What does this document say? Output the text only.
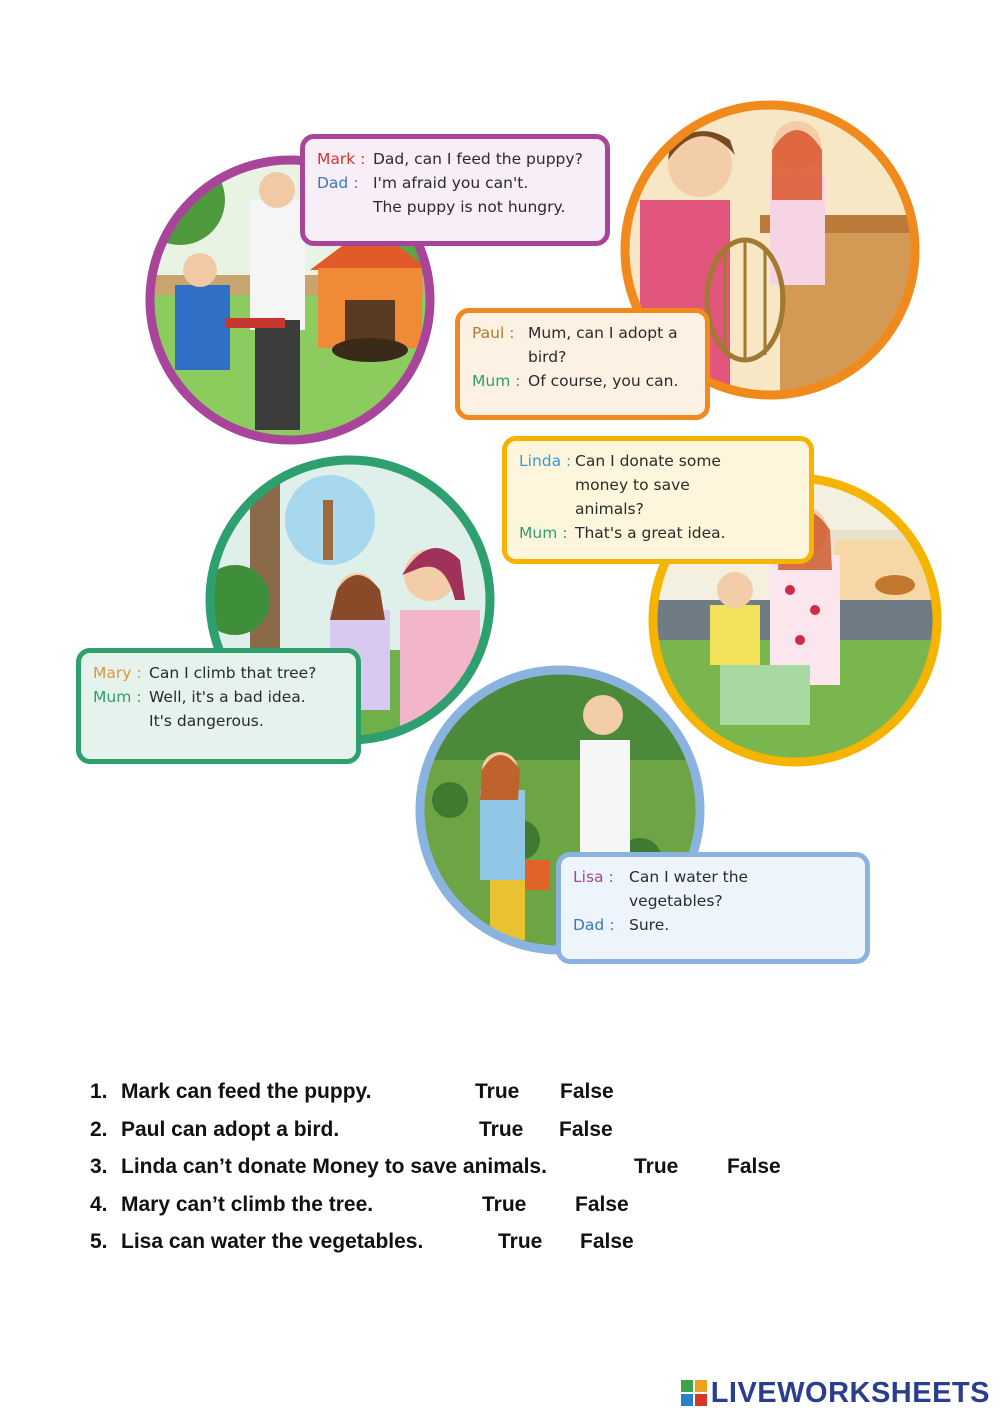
Mark : Dad, can I feed the puppy?
Dad : I'm afraid you can't.
The puppy is not hungry.
Paul : Mum, can I adopt a
bird?
Mum : Of course, you can.
Linda : Can I donate some
money to save
animals?
Mum : That's a great idea.
Mary : Can I climb that tree?
Mum : Well, it's a bad idea.
It's dangerous.
Lisa : Can I water the
vegetables?
Dad : Sure.
1. Mark can feed the puppy.	True False
2. Paul can adopt a bird.	True False
3. Linda can’t donate Money to save animals.	True False
4. Mary can’t climb the tree.	True False
5. Lisa can water the vegetables.	True False
LIVEWORKSHEETS
